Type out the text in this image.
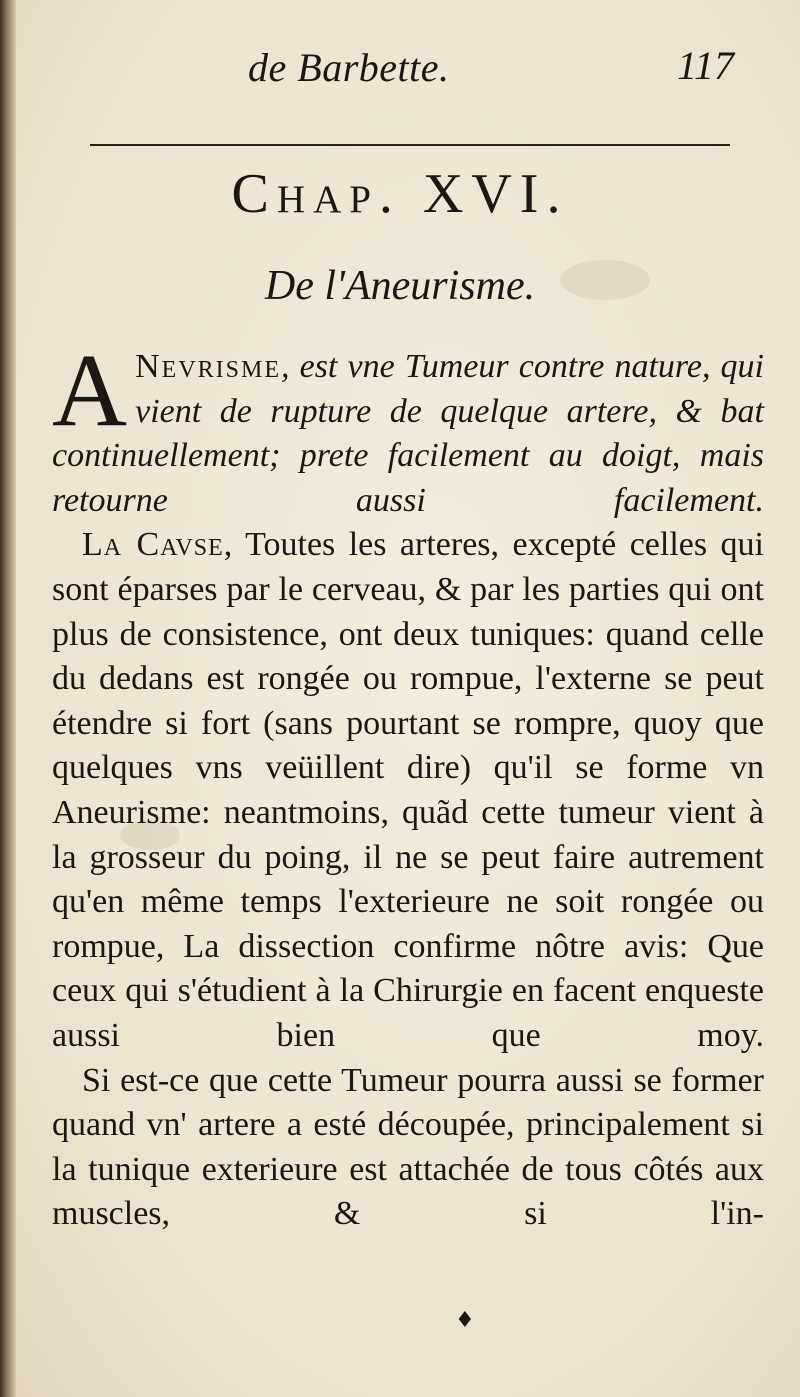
de Barbette.	117
Chap. XVI.
De l'Aneurisme.

A Nevrisme, est vne Tumeur contre nature, qui vient de rupture de quelque artere, & bat continuellement; prete facilement au doigt, mais retourne aussi facilement.

La Cavse, Toutes les arteres, excepté celles qui sont éparses par le cerveau, & par les parties qui ont plus de consistence, ont deux tuniques: quand celle du dedans est rongée ou rompue, l'externe se peut étendre si fort (sans pourtant se rompre, quoy que quelques vns veüillent dire) qu'il se forme vn Aneurisme: neantmoins, quãd cette tumeur vient à la grosseur du poing, il ne se peut faire autrement qu'en même temps l'exterieure ne soit rongée ou rompue, La dissection confirme nôtre avis: Que ceux qui s'étudient à la Chirurgie en facent enqueste aussi bien que moy.

Si est-ce que cette Tumeur pourra aussi se former quand vn' artere a esté découpée, principalement si la tunique exterieure est attachée de tous côtés aux muscles, & si l'in-

♦
